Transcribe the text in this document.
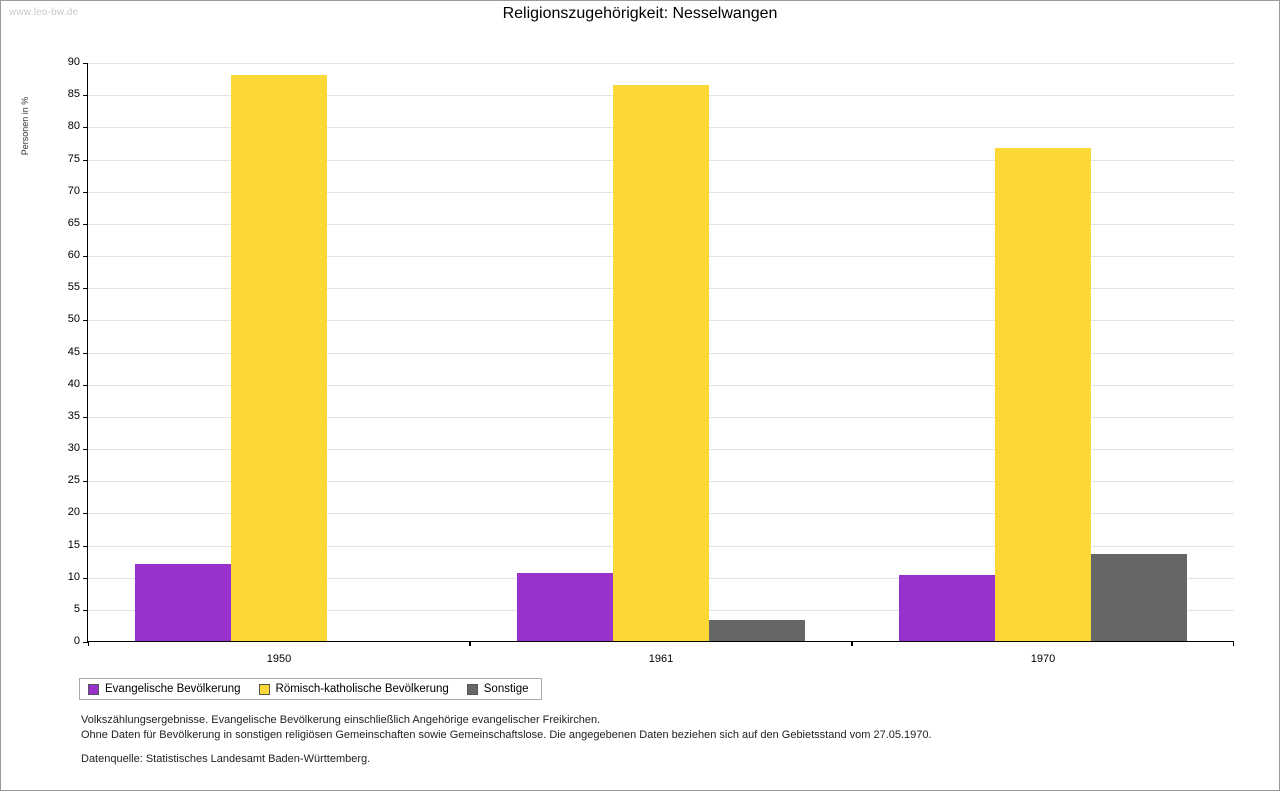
www.leo-bw.de	Religionszugehörigkeit: Nesselwangen
Personen in %
0
5
10
15
20
25
30
35
40
45
50
55
60
65
70
75
80
85
90
1950	1961	1970
Evangelische Bevölkerung	Römisch-katholische Bevölkerung	Sonstige
Volkszählungsergebnisse. Evangelische Bevölkerung einschließlich Angehörige evangelischer Freikirchen.
Ohne Daten für Bevölkerung in sonstigen religiösen Gemeinschaften sowie Gemeinschaftslose. Die angegebenen Daten beziehen sich auf den Gebietsstand vom 27.05.1970.
Datenquelle: Statistisches Landesamt Baden-Württemberg.
